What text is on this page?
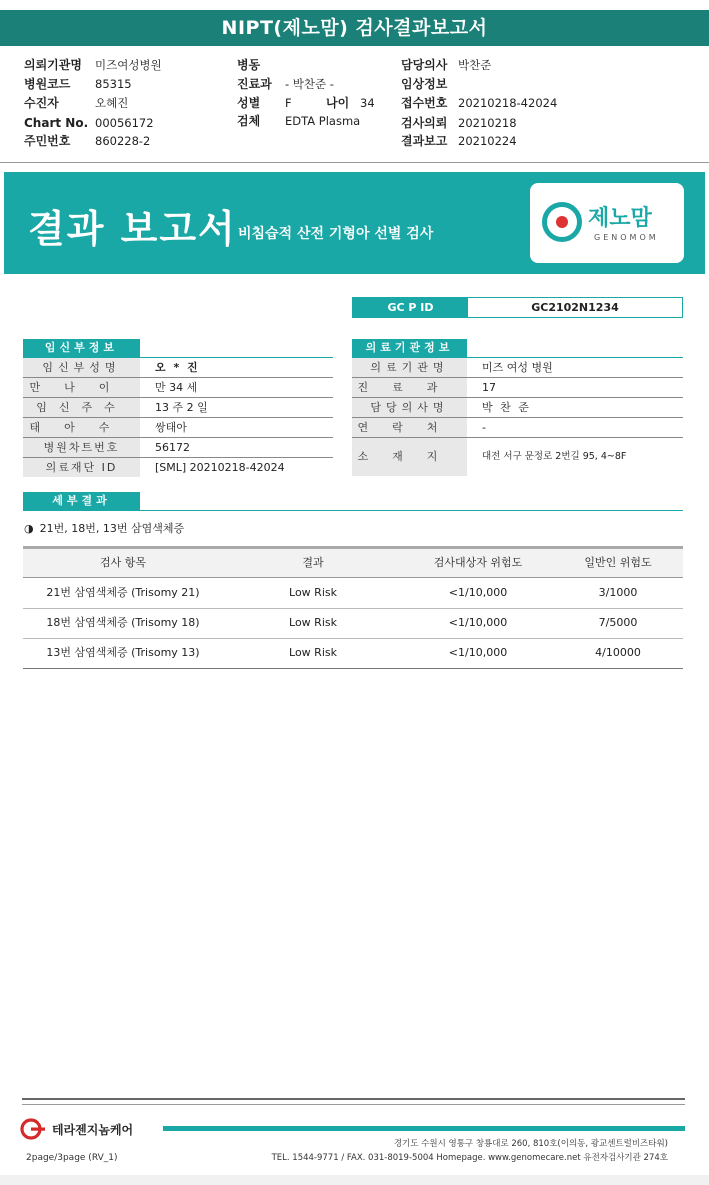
NIPT(제노맘) 검사결과보고서
의뢰기관명 미즈여성병원
병원코드 85315
수진자	오혜진
Chart No. 00056172
주민번호 860228-2
병동
진료과 - 박찬준 -
성별 F
검체 EDTA Plasma
나이 34
담당의사 박찬준
임상정보
접수번호 20210218-42024
검사의뢰 20210218
결과보고 20210224
결과 보고서 비침습적 산전 기형아 선별 검사
제노맘
GENOMOM
GC P ID	GC2102N1234
임신부정보
임신부성명	오 * 진
만나이	만 34 세
임신주수	13 주 2 일
태아수	쌍태아
병원차트번호	56172
의료재단 ID	[SML] 20210218-42024
의료기관정보
의료기관명	미즈 여성 병원
진료과	17
담당의사명	박 찬 준
연락처	-
소재지	대전 서구 문정로 2번길 95, 4~8F
세부결과
◑ 21번, 18번, 13번 삼염색체증
검사 항목	결과	검사대상자 위험도	일반인 위험도
21번 삼염색체증 (Trisomy 21)	Low Risk	<1/10,000	3/1000
18번 삼염색체증 (Trisomy 18)	Low Risk	<1/10,000	7/5000
13번 삼염색체증 (Trisomy 13)	Low Risk	<1/10,000	4/10000
테라젠지놈케어
경기도 수원시 영통구 창룡대로 260, 810호(이의동, 광교센트럴비즈타워)
TEL. 1544-9771 / FAX. 031-8019-5004 Homepage. www.genomecare.net 유전자검사기관 274호
2page/3page (RV_1)
